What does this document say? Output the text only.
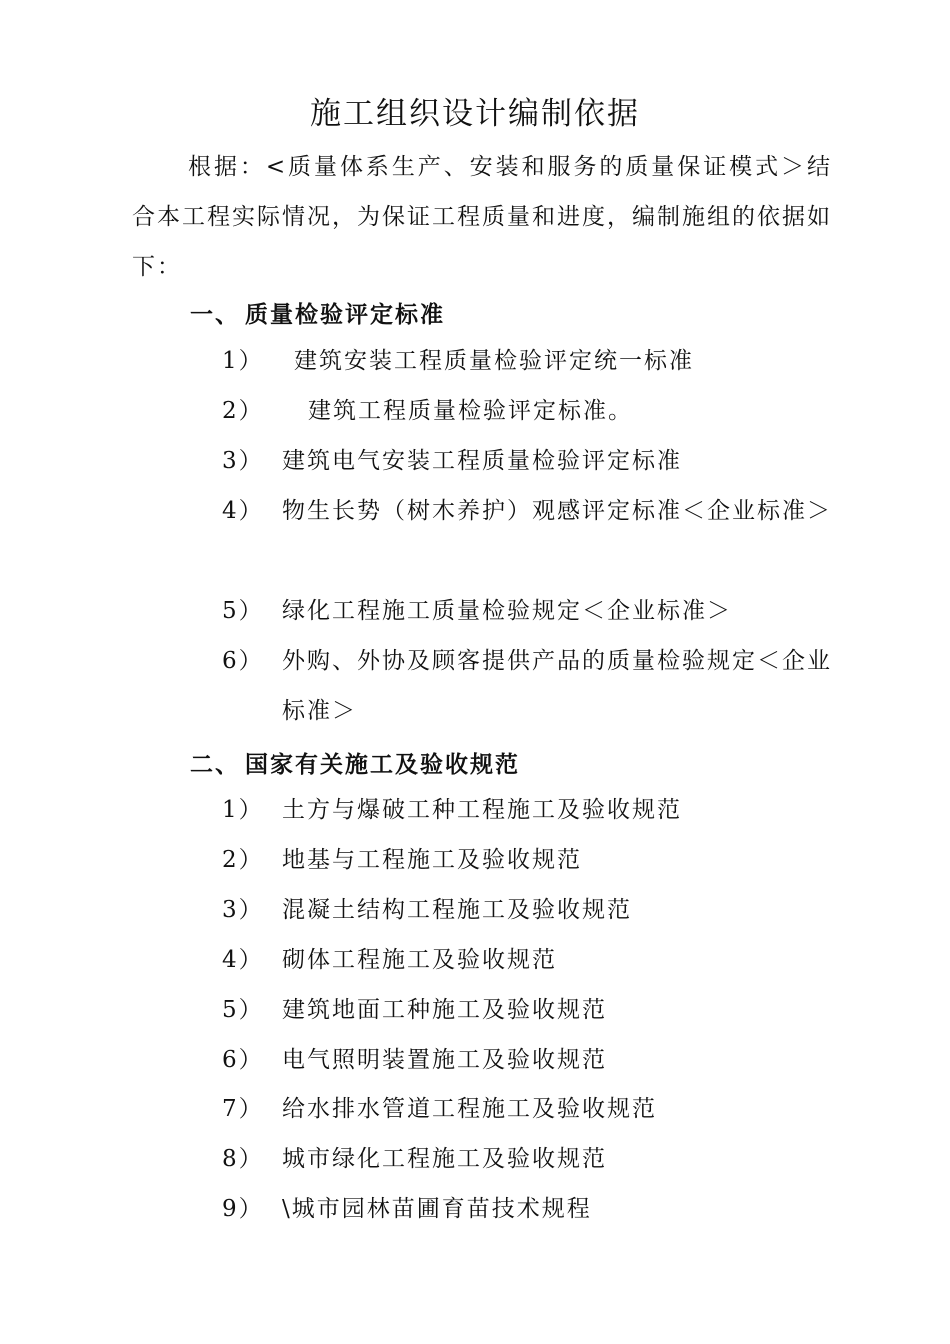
施工组织设计编制依据
根据：<质量体系生产、安装和服务的质量保证模式＞结合本工程实际情况，为保证工程质量和进度，编制施组的依据如下：
一、 质量检验评定标准
1） 建筑安装工程质量检验评定统一标准
2） 建筑工程质量检验评定标准。
3） 建筑电气安装工程质量检验评定标准
4） 物生长势（树木养护）观感评定标准＜企业标准＞
5） 绿化工程施工质量检验规定＜企业标准＞
6） 外购、外协及顾客提供产品的质量检验规定＜企业标准＞
二、 国家有关施工及验收规范
1） 土方与爆破工种工程施工及验收规范
2） 地基与工程施工及验收规范
3） 混凝土结构工程施工及验收规范
4） 砌体工程施工及验收规范
5） 建筑地面工种施工及验收规范
6） 电气照明装置施工及验收规范
7） 给水排水管道工程施工及验收规范
8） 城市绿化工程施工及验收规范
9） \城市园林苗圃育苗技术规程
